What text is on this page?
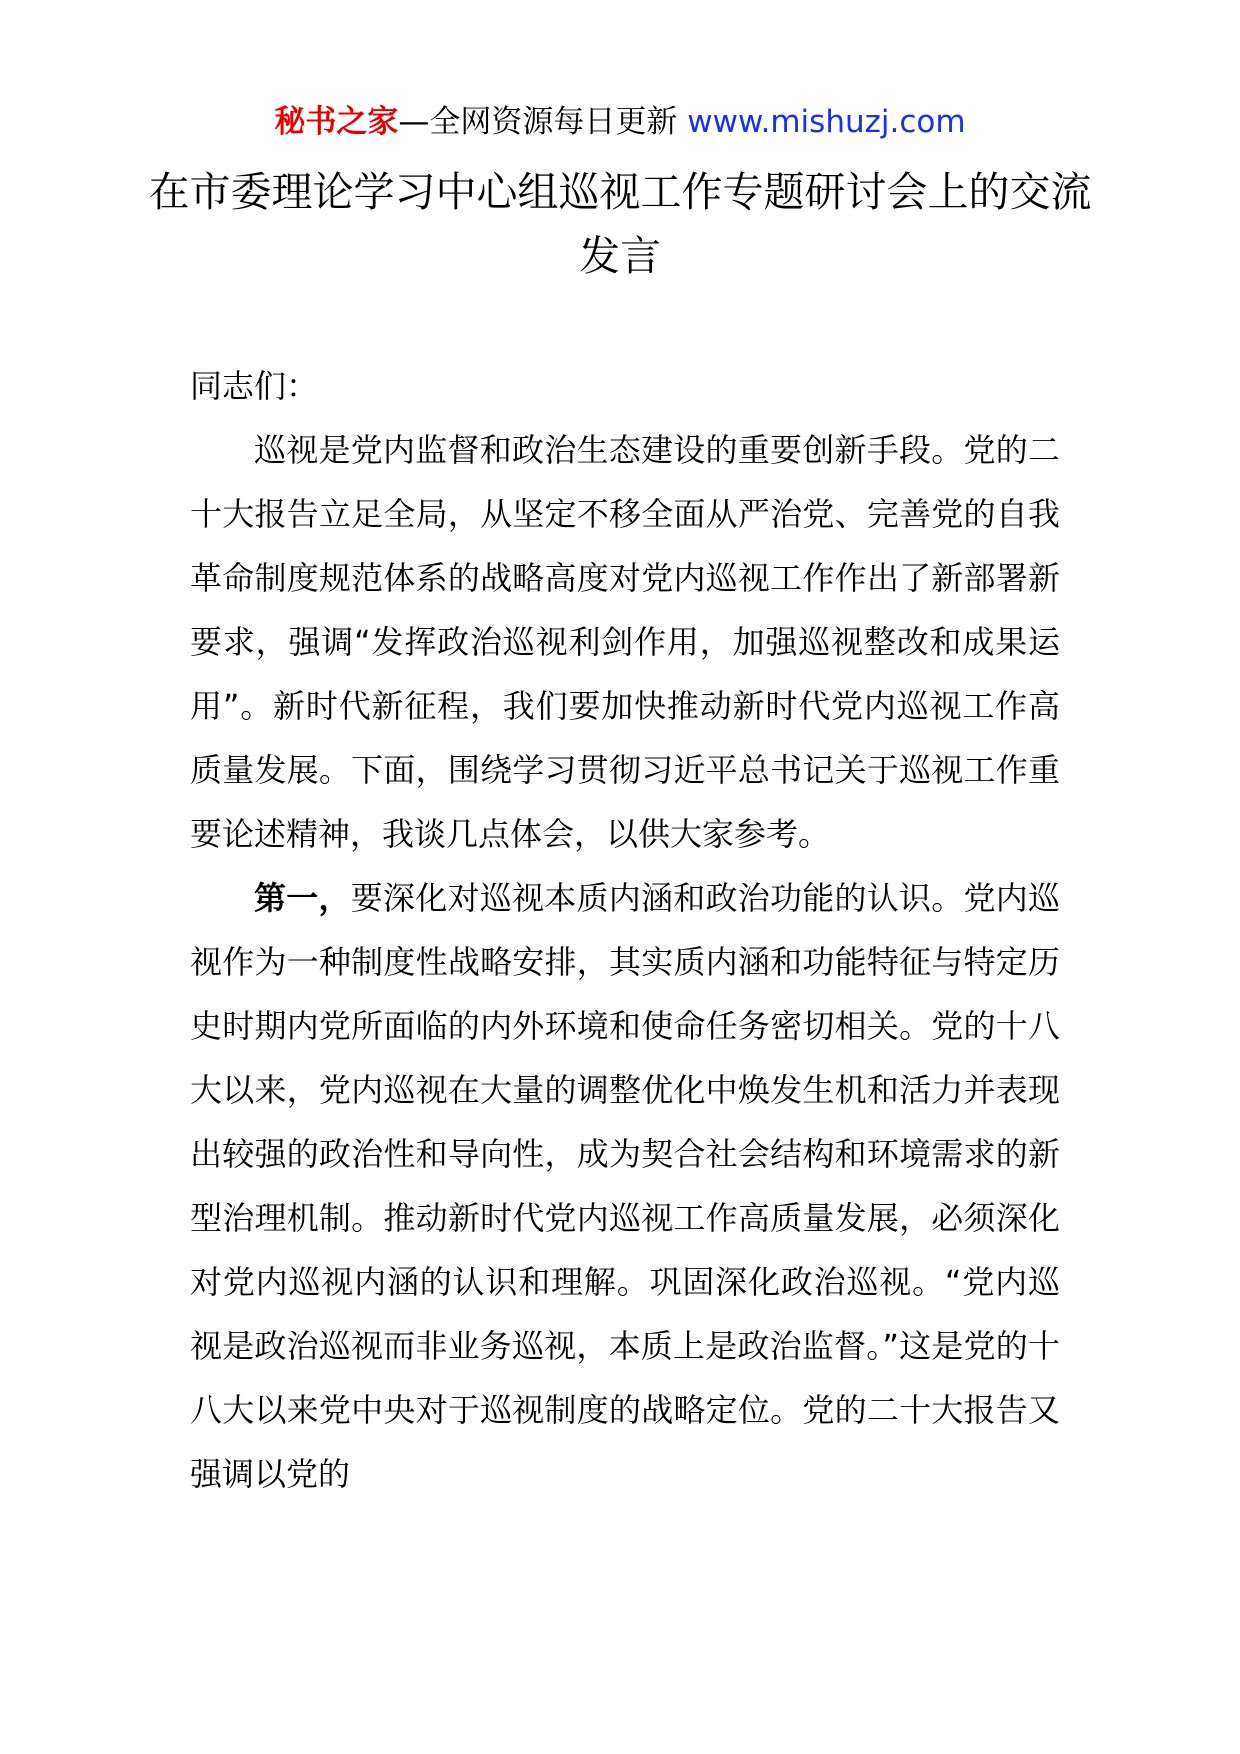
秘书之家—全网资源每日更新 www.mishuzj.com
在市委理论学习中心组巡视工作专题研讨会上的交流发言

同志们：

巡视是党内监督和政治生态建设的重要创新手段。党的二十大报告立足全局，从坚定不移全面从严治党、完善党的自我革命制度规范体系的战略高度对党内巡视工作作出了新部署新要求，强调“发挥政治巡视利剑作用，加强巡视整改和成果运用”。新时代新征程，我们要加快推动新时代党内巡视工作高质量发展。下面，围绕学习贯彻习近平总书记关于巡视工作重要论述精神，我谈几点体会，以供大家参考。

第一，要深化对巡视本质内涵和政治功能的认识。党内巡视作为一种制度性战略安排，其实质内涵和功能特征与特定历史时期内党所面临的内外环境和使命任务密切相关。党的十八大以来，党内巡视在大量的调整优化中焕发生机和活力并表现出较强的政治性和导向性，成为契合社会结构和环境需求的新型治理机制。推动新时代党内巡视工作高质量发展，必须深化对党内巡视内涵的认识和理解。巩固深化政治巡视。“党内巡视是政治巡视而非业务巡视，本质上是政治监督。”这是党的十八大以来党中央对于巡视制度的战略定位。党的二十大报告又强调以党的
